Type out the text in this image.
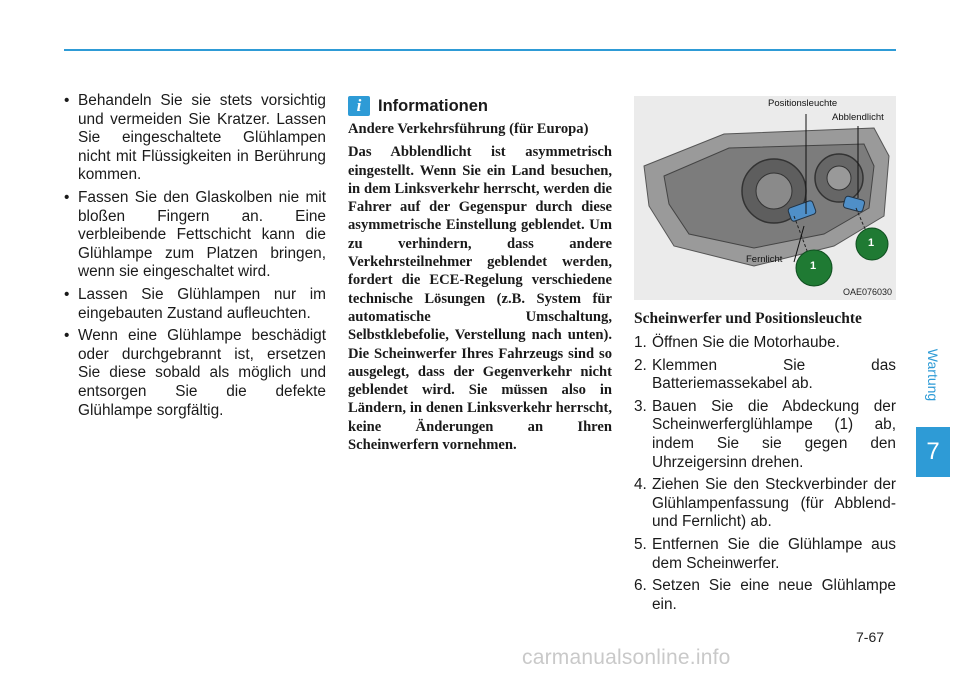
Wartung
7
• Behandeln Sie sie stets vorsichtig und vermeiden Sie Kratzer. Lassen Sie eingeschaltete Glühlampen nicht mit Flüssigkeiten in Berührung kommen.
• Fassen Sie den Glaskolben nie mit bloßen Fingern an. Eine verbleibende Fettschicht kann die Glühlampe zum Platzen bringen, wenn sie eingeschaltet wird.
• Lassen Sie Glühlampen nur im eingebauten Zustand aufleuchten.
• Wenn eine Glühlampe beschädigt oder durchgebrannt ist, ersetzen Sie diese sobald als möglich und entsorgen Sie die defekte Glühlampe sorgfältig.
i	Informationen

Andere Verkehrsführung (für Europa)

Das Abblendlicht ist asymmetrisch eingestellt. Wenn Sie ein Land besuchen, in dem Linksverkehr herrscht, werden die Fahrer auf der Gegenspur durch diese asymmetrische Einstellung geblendet. Um zu verhindern, dass andere Verkehrsteilnehmer geblendet werden, fordert die ECE-Regelung verschiedene technische Lösungen (z.B. System für automatische Umschaltung, Selbstklebefolie, Verstellung nach unten). Die Scheinwerfer Ihres Fahrzeugs sind so ausgelegt, dass der Gegenverkehr nicht geblendet wird. Sie müssen also in Ländern, in denen Linksverkehr herrscht, keine Änderungen an Ihren Scheinwerfern vornehmen.

Positionsleuchte
Abblendlicht
Fernlicht
1
1
OAE076030
Scheinwerfer und Positionsleuchte
1. Öffnen Sie die Motorhaube.
2. Klemmen Sie das Batteriemassekabel ab.
3. Bauen Sie die Abdeckung der Scheinwerferglühlampe (1) ab, indem Sie sie gegen den Uhrzeigersinn drehen.
4. Ziehen Sie den Steckverbinder der Glühlampenfassung (für Abblend- und Fernlicht) ab.
5. Entfernen Sie die Glühlampe aus dem Scheinwerfer.
6. Setzen Sie eine neue Glühlampe ein.
7-67
carmanualsonline.info
